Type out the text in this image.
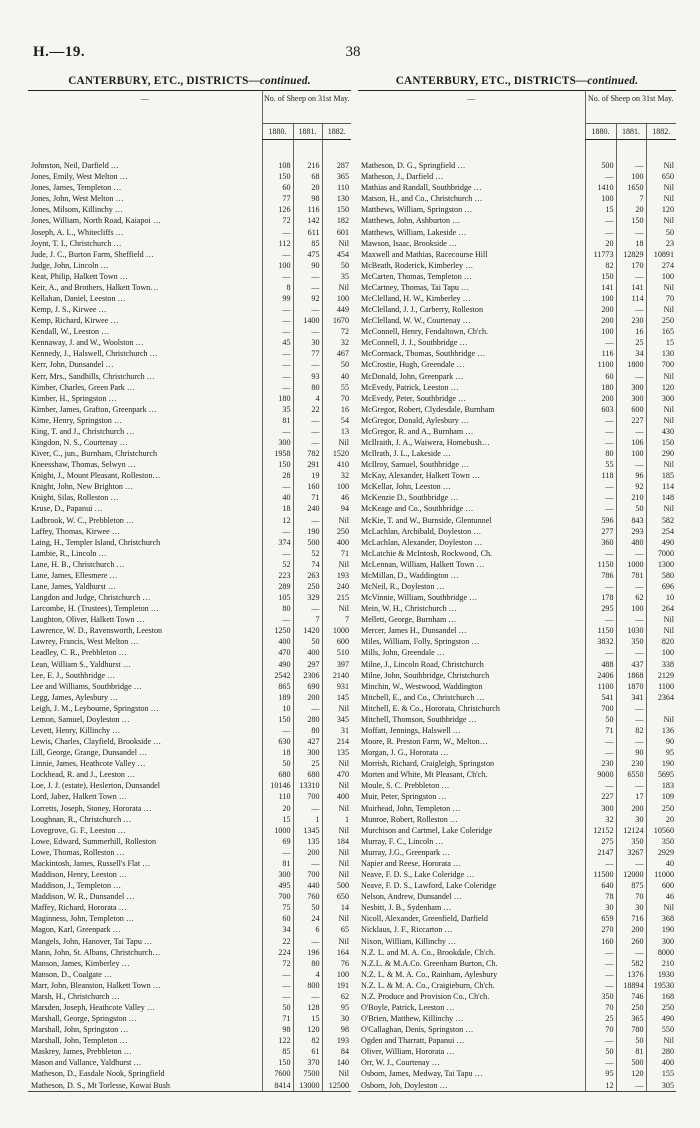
H.—19.	38
CANTERBURY, ETC., DISTRICTS—continued.
—	No. of Sheep on 31st May.		
	1880.	1881.	1882.

Johnston, Neil, Darfield …	108	216	287
Jones, Emily, West Melton …	150	68	365
Jones, James, Templeton …	60	20	110
Jones, John, West Melton …	77	98	130
Jones, Milsom, Killinchy …	126	116	150
Jones, William, North Road, Kaiapoi …	72	142	182
Joseph, A. L., Whitecliffs …	—	611	601
Joynt, T. I., Christchurch …	112	85	Nil
Jude, J. C., Burton Farm, Sheffield …	—	475	454
Judge, John, Lincoln …	100	90	50
Keat, Philip, Halkett Town …	—	—	35
Keir, A., and Brothers, Halkett Town…	8	—	Nil
Kellahan, Daniel, Leeston …	99	92	100
Kemp, J. S., Kirwee …	—	—	449
Kemp, Richard, Kirwee …	—	1400	1670
Kendall, W., Leeston …	—	—	72
Kennaway, J. and W., Woolston …	45	30	32
Kennedy, J., Halswell, Christchurch …	—	77	467
Kerr, John, Dunsandel …	—	—	50
Kerr, Mrs., Sandhills, Christchurch …	—	93	40
Kimber, Charles, Green Park …	—	80	55
Kimber, H., Springston …	180	4	70
Kimber, James, Grafton, Greenpark …	35	22	16
Kime, Henry, Springston …	81	—	54
King, T. and J., Christchurch …	—	—	13
Kingdon, N. S., Courtenay …	300	—	Nil
Kiver, C., jun., Burnham, Christchurch	1958	782	1520
Kneesshaw, Thomas, Selwyn …	150	291	410
Knight, J., Mount Pleasant, Rolleston…	28	19	32
Knight, John, New Brighton …	—	160	100
Knight, Silas, Rolleston …	40	71	46
Kruse, D., Papanui …	18	240	94
Ladbrook, W. C., Prebbleton …	12	—	Nil
Laffey, Thomas, Kirwee …	—	190	250
Laing, H., Templer Island, Christchurch	374	500	400
Lambie, R., Lincoln …	—	52	71
Lane, H. B., Christchurch …	52	74	Nil
Lane, James, Ellesmere …	223	263	193
Lane, James, Yaldhurst …	289	250	240
Langdon and Judge, Christchurch …	105	329	215
Larcombe, H. (Trustees), Templeton …	80	—	Nil
Laughton, Oliver, Halkett Town …	—	7	7
Lawrence, W. D., Ravensworth, Leeston	1250	1420	1000
Lawrey, Francis, West Melton …	400	50	600
Leadley, C. R., Prebbleton …	470	400	510
Lean, William S., Yaldhurst …	490	297	397
Lee, E. J., Southbridge …	2542	2306	2140
Lee and Williams, Southbridge …	865	690	931
Legg, James, Aylesbury …	189	200	145
Leigh, J. M., Leybourne, Springston …	10	—	Nil
Lemon, Samuel, Doyleston …	150	280	345
Levett, Henry, Killinchy …	—	80	31
Lewis, Charles, Clayfield, Brookside …	630	427	214
Lill, George, Grange, Dunsandel …	18	300	135
Linnie, James, Heathcote Valley …	50	25	Nil
Lockhead, R. and J., Leeston …	680	680	470
Loe, J. J. (estate), Heslerton, Dunsandel	10146	13310	Nil
Lord, Jabez, Halkett Town …	110	700	400
Lorretts, Joseph, Stoney, Hororata …	20	—	Nil
Loughnan, R., Christchurch …	15	1	1
Lovegrove, G. F., Leeston …	1000	1345	Nil
Lowe, Edward, Summerhill, Rolleston	69	135	184
Lowe, Thomas, Rolleston …	—	200	Nil
Mackintosh, James, Russell's Flat …	81	—	Nil
Maddison, Henry, Leeston …	300	700	Nil
Maddison, J., Templeton …	495	440	500
Maddison, W. R., Dunsandel …	700	760	650
Maffey, Richard, Hororata …	75	50	14
Maginness, John, Templeton …	60	24	Nil
Magon, Karl, Greenpark …	34	6	65
Mangels, John, Hanover, Tai Tapu …	22	—	Nil
Mann, John, St. Albans, Christchurch…	224	196	164
Manson, James, Kimberley …	72	80	76
Manson, D., Coalgate …	—	4	100
Marr, John, Bleanston, Halkett Town …	—	800	191
Marsh, H., Christchurch …	—	—	62
Marsden, Joseph, Heathcote Valley …	50	128	95
Marshall, George, Springston …	71	15	30
Marshall, John, Springston …	98	120	98
Marshall, John, Templeton …	122	82	193
Maskrey, James, Prebbleton …	85	61	84
Mason and Vallance, Yaldhurst …	150	370	140
Matheson, D., Easdale Nook, Springfield	7600	7500	Nil
Matheson, D. S., Mt Torlesse, Kowai Bush	8414	13000	12500
CANTERBURY, ETC., DISTRICTS—continued.
—	No. of Sheep on 31st May.		
	1880.	1881.	1882.

Matheson, D. G., Springfield …	500	—	Nil
Matheson, J., Darfield …	—	100	650
Mathias and Randall, Southbridge …	1410	1650	Nil
Matson, H., and Co., Christchurch …	100	7	Nil
Matthews, William, Springston …	15	20	120
Matthews, John, Ashburton …	—	150	Nil
Matthews, William, Lakeside …	—	—	50
Mawson, Isaac, Brookside …	20	18	23
Maxwell and Mathias, Racecourse Hill	11773	12829	10891
McBeath, Roderick, Kimberley …	82	170	274
McCarten, Thomas, Templeton …	150	—	100
McCartney, Thomas, Tai Tapu …	141	141	Nil
McClelland, H. W., Kimberley …	100	114	70
McClelland, J. J., Carberry, Rolleston	200	—	Nil
McClelland, W. W., Courtenay …	200	230	250
McConnell, Henry, Fendaltown, Ch'ch.	100	16	165
McConnell, J. J., Southbridge …	—	25	15
McCormack, Thomas, Southbridge …	116	34	130
McCrostie, Hugh, Greendale …	1100	1800	700
McDonald, John, Greenpark …	60	—	Nil
McEvedy, Patrick, Leeston …	180	300	120
McEvedy, Peter, Southbridge …	200	300	300
McGregor, Robert, Clydesdale, Burnham	603	600	Nil
McGregor, Donald, Aylesbury …	—	227	Nil
McGregor, R. and A., Burnham …	—	—	430
McIlraith, J. A., Waiwera, Homebush…	—	106	150
McIlrath, J. L., Lakeside …	80	100	290
McIlroy, Samuel, Southbridge …	55	—	Nil
McKay, Alexander, Halkett Town …	118	96	185
McKellar, John, Leeston …	—	92	114
McKenzie D., Southbridge …	—	210	148
McKeage and Co., Southbridge …	—	50	Nil
McKie, T. and W., Burnside, Glentunnel	596	843	582
McLachlan, Archibald, Doyleston …	277	293	254
McLachlan, Alexander, Doyleston …	360	480	490
McLatchie & McIntosh, Rockwood, Ch.	—	—	7000
McLennan, William, Halkett Town …	1150	1000	1300
McMillan, D., Waddington …	786	781	580
McNeil, R., Doyleston …	—	—	696
McVinnie, William, Southbridge …	178	62	10
Mein, W. H., Christchurch …	295	100	264
Mellett, George, Burnham …	—	—	Nil
Mercer, James H., Dunsandel …	1150	1030	Nil
Miles, William, Folly, Springston …	3832	350	820
Mills, John, Greendale …	—	—	100
Milne, J., Lincoln Road, Christchurch	488	437	338
Milne, John, Southbridge, Christchurch	2406	1868	2129
Minchin, W., Westwood, Waddington	1100	1870	1100
Mitchell, E., and Co., Christchurch …	541	341	2364
Mitchell, E. & Co., Hororata, Christchurch	700	—	
Mitchell, Thomson, Southbridge …	50	—	Nil
Moffatt, Jennings, Halswell …	71	82	136
Moore, R. Preston Farm, W., Melton…	—	—	90
Morgan, J. G., Hororata …	—	90	95
Morrish, Richard, Craigleigh, Springston	230	230	190
Morten and White, Mt Pleasant, Ch'ch.	9000	6550	5695
Moule, S. C. Prebbleton …	—	—	183
Muir, Peter, Springston …	227	17	109
Muirhead, John, Templeton …	300	200	250
Munroe, Robert, Rolleston …	32	30	20
Murchison and Cartmel, Lake Coleridge	12152	12124	10560
Murray, F. C., Lincoln …	275	350	350
Murray, J.G., Greenpark …	2147	3267	2929
Napier and Reese, Hororata …	—	—	40
Neave, F. D. S., Lake Coleridge …	11500	12000	11000
Neave, F. D. S., Lawford, Lake Coleridge	640	875	600
Nelson, Andrew, Dunsandel …	78	70	46
Nesbitt, J. B., Sydenham …	30	30	Nil
Nicoll, Alexander, Greenfield, Darfield	659	716	368
Nicklaus, J. F., Riccarton …	270	200	190
Nixon, William, Killinchy …	160	260	300
N.Z. L. and M. A. Co., Brookdale, Ch'ch.	—	—	8000
N.Z.L. & M.A.Co. Greenham Burton, Ch.	—	582	210
N.Z. L. & M. A. Co., Rainham, Aylesbury	—	1376	1930
N.Z. L. & M. A. Co., Craigieburn, Ch'ch.	—	18894	19530
N.Z. Produce and Provision Co., Ch'ch.	350	746	168
O'Boyle, Patrick, Leeston …	70	250	250
O'Brien, Matthew, Killinchy …	25	365	490
O'Callaghan, Denis, Springston …	70	780	550
Ogden and Tharratt, Papanui …	—	50	Nil
Oliver, William, Hororata …	50	81	280
Orr, W. J., Courtenay …	—	500	400
Osborn, James, Medway, Tai Tapu …	95	120	155
Osborn, Job, Doyleston …	12	—	305
